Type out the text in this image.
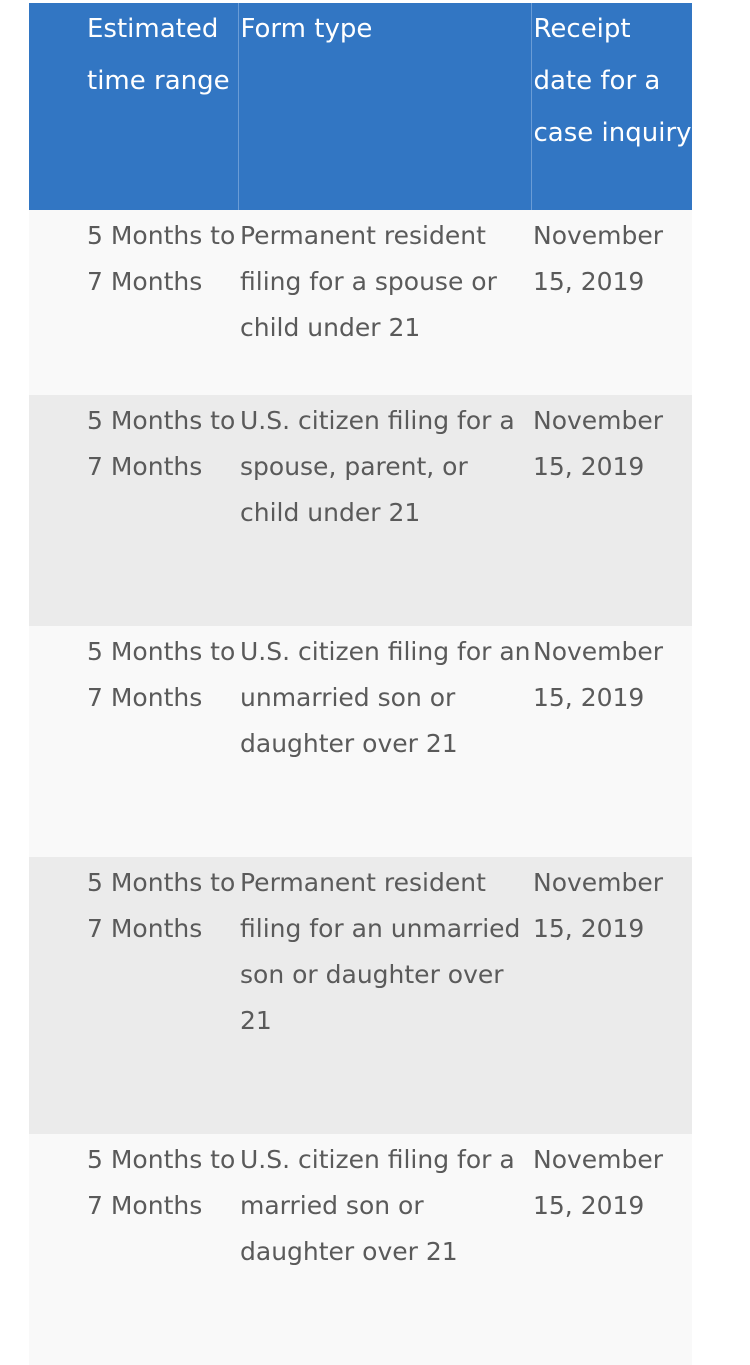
Estimated time range	Form type	Receipt date for a case inquiry
5 Months to 7 Months	Permanent resident filing for a spouse or child under 21	November 15, 2019
5 Months to 7 Months	U.S. citizen filing for a spouse, parent, or child under 21	November 15, 2019
5 Months to 7 Months	U.S. citizen filing for an unmarried son or daughter over 21	November 15, 2019
5 Months to 7 Months	Permanent resident filing for an unmarried son or daughter over 21	November 15, 2019
5 Months to 7 Months	U.S. citizen filing for a married son or daughter over 21	November 15, 2019
